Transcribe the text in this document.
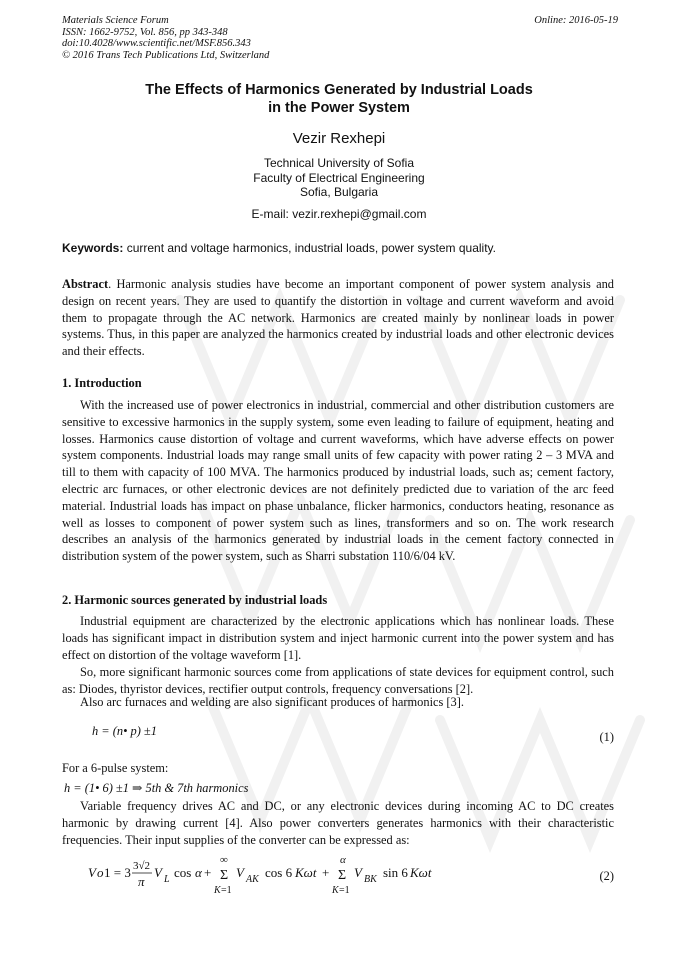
Materials Science Forum
ISSN: 1662-9752, Vol. 856, pp 343-348
doi:10.4028/www.scientific.net/MSF.856.343
© 2016 Trans Tech Publications Ltd, Switzerland
Online: 2016-05-19
The Effects of Harmonics Generated by Industrial Loads
in the Power System
Vezir Rexhepi
Technical University of Sofia
Faculty of Electrical Engineering
Sofia, Bulgaria
E-mail: vezir.rexhepi@gmail.com
Keywords: current and voltage harmonics, industrial loads, power system quality.
Abstract. Harmonic analysis studies have become an important component of power system analysis and design on recent years. They are used to quantify the distortion in voltage and current waveform and avoid them to propagate through the AC network. Harmonics are created mainly by nonlinear loads in power systems. Thus, in this paper are analyzed the harmonics created by industrial loads and other electronic devices and their effects.
1. Introduction
With the increased use of power electronics in industrial, commercial and other distribution customers are sensitive to excessive harmonics in the supply system, some even leading to failure of equipment, heating and losses. Harmonics cause distortion of voltage and current waveforms, which have adverse effects on power system components. Industrial loads may range small units of few capacity with power rating 2 – 3 MVA and till to them with capacity of 100 MVA. The harmonics produced by industrial loads, such as; cement factory, electric arc furnaces, or other electronic devices are not definitely predicted due to variation of the arc feed material. Industrial loads has impact on phase unbalance, flicker harmonics, conductors heating, resonance as well as losses to component of power system such as lines, transformers and so on. The work research describes an analysis of the harmonics generated by industrial loads in the cement factory connected in distribution system of the power system, such as Sharri substation 110/6/04 kV.
2. Harmonic sources generated by industrial loads
Industrial equipment are characterized by the electronic applications which has nonlinear loads. These loads has significant impact in distribution system and inject harmonic current into the power system and has effect on distortion of the voltage waveform [1].
So, more significant harmonic sources come from applications of state devices for equipment control, such as: Diodes, thyristor devices, rectifier output controls, frequency conversations [2].
Also arc furnaces and welding are also significant produces of harmonics [3].
h = (n• p) ±1	(1)
For a 6-pulse system:
h = (1• 6) ±1 ⇒ 5th & 7th harmonics
Variable frequency drives AC and DC, or any electronic devices during incoming AC to DC creates harmonic by drawing current [4]. Also power converters generates harmonics with their characteristic frequencies. Their input supplies of the converter can be expressed as:
V o 1 = 3 3√2
π
V L cos α +
∞
Σ
K =1
V AK cos 6 Kωt +
α
Σ
K =1
V BK sin 6 Kωt	(2)
